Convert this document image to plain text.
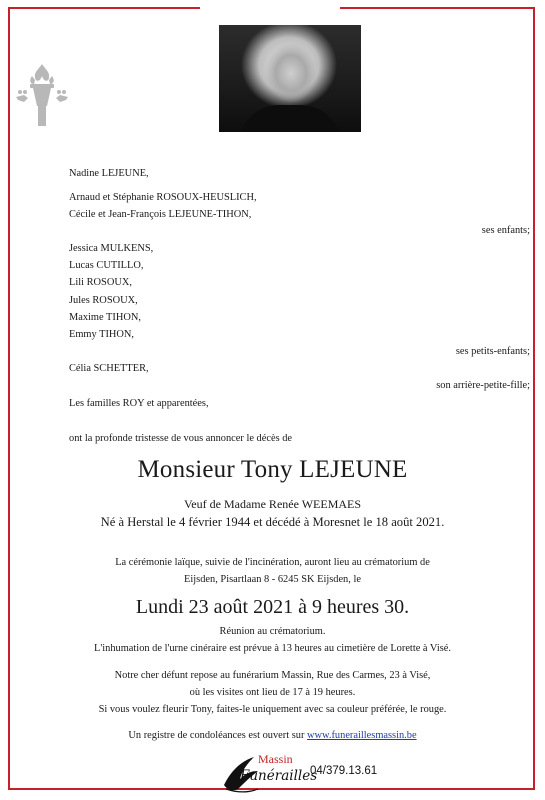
Nadine LEJEUNE,
Arnaud et Stéphanie ROSOUX-HEUSLICH,
Cécile et Jean-François LEJEUNE-TIHON,
ses enfants;
Jessica MULKENS,
Lucas CUTILLO,
Lili ROSOUX,
Jules ROSOUX,
Maxime TIHON,
Emmy TIHON,
ses petits-enfants;
Célia SCHETTER,
son arrière-petite-fille;
Les familles ROY et apparentées,
ont la profonde tristesse de vous annoncer le décès de
Monsieur Tony LEJEUNE
Veuf de Madame Renée WEEMAES
Né à Herstal le 4 février 1944 et décédé à Moresnet le 18 août 2021.
La cérémonie laïque, suivie de l'incinération, auront lieu au crématorium de
Eijsden, Pisartlaan 8 - 6245 SK Eijsden, le
Lundi 23 août 2021 à 9 heures 30.
Réunion au crématorium.
L'inhumation de l'urne cinéraire est prévue à 13 heures au cimetière de Lorette à Visé.
Notre cher défunt repose au funérarium Massin, Rue des Carmes, 23 à Visé,
où les visites ont lieu de 17 à 19 heures.
Si vous voulez fleurir Tony, faites-le uniquement avec sa couleur préférée, le rouge.
Un registre de condoléances est ouvert sur www.funeraillesmassin.be
Massin
Funérailles
04/379.13.61
